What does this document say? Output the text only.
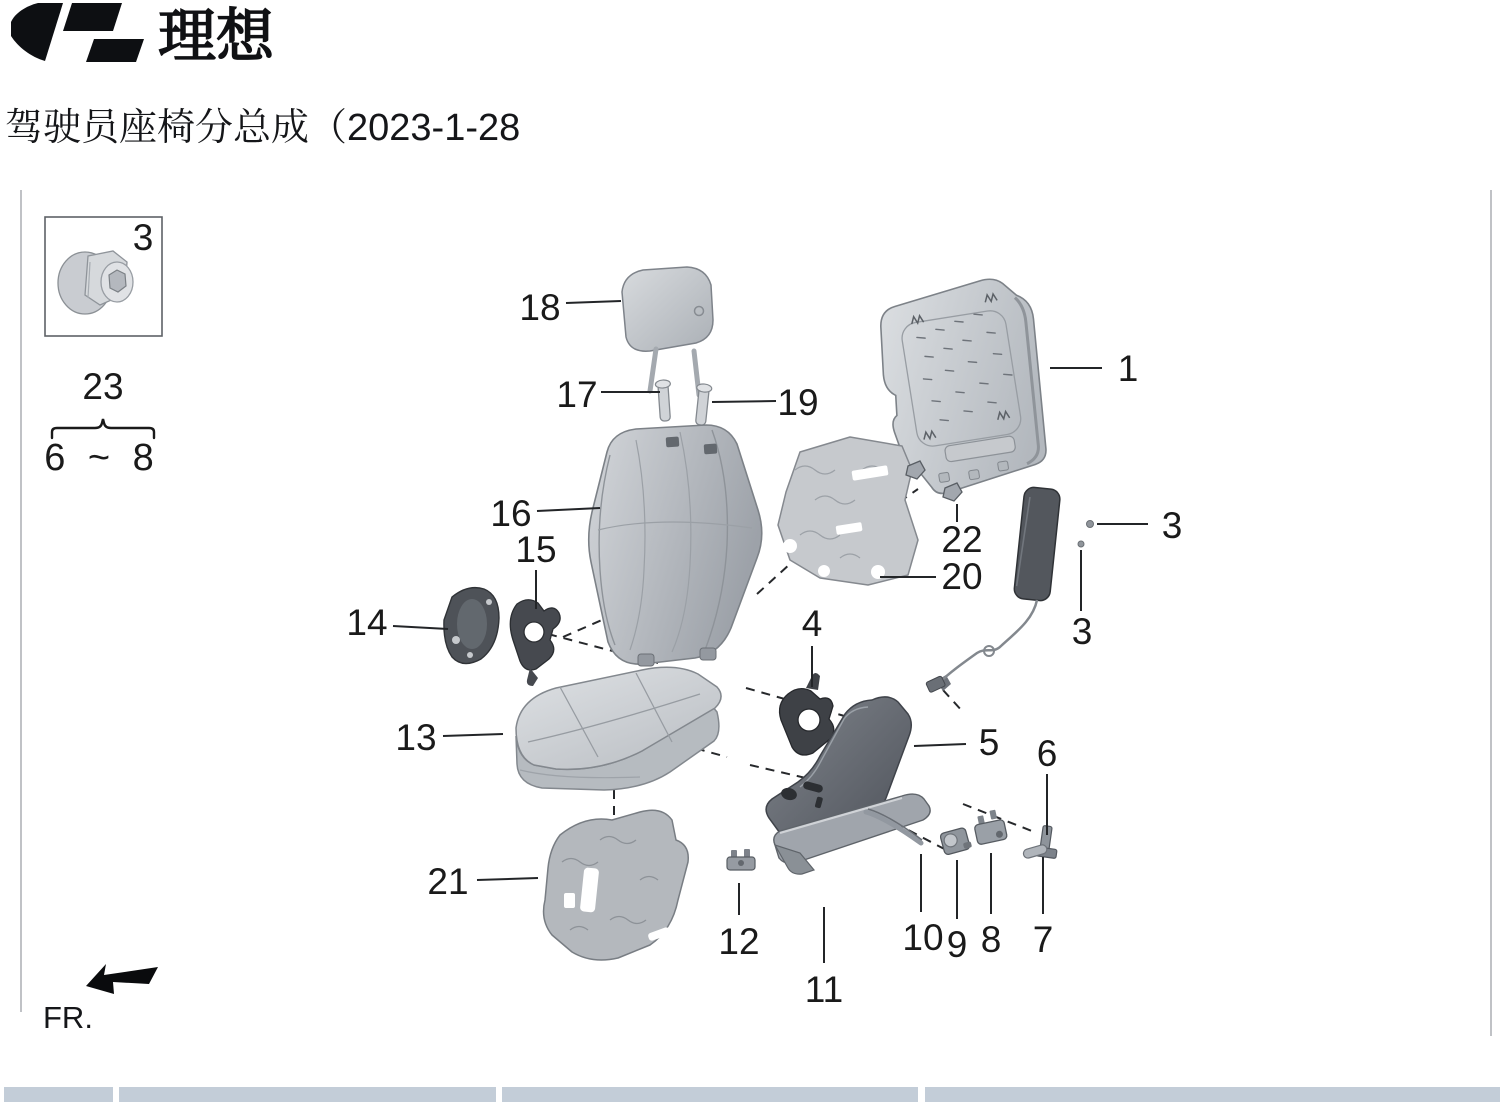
理想
驾驶员座椅分总成（2023-1-28
3
23
6 ~ 8
1
3
3
4
5 6
7
8
9
10
11
12
13
14
15
16
17
18
19
20
21
22
FR.
